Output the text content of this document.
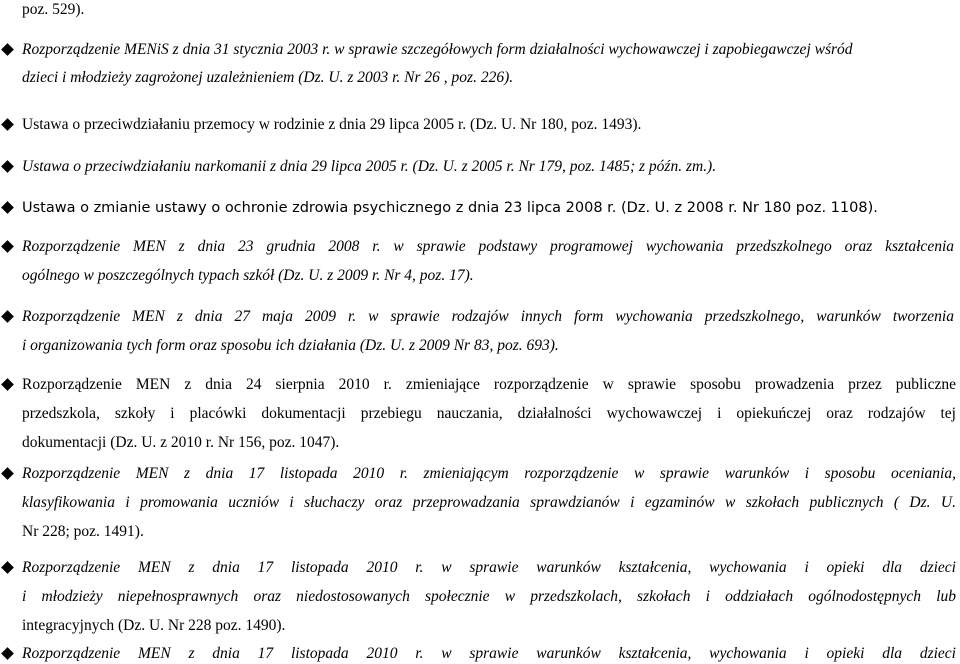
poz. 529).
Rozporządzenie MENiS z dnia 31 stycznia 2003 r. w sprawie szczegółowych form działalności wychowawczej i zapobiegawczej wśród
dzieci i młodzieży zagrożonej uzależnieniem (Dz. U. z 2003 r. Nr 26 , poz. 226).
Ustawa o przeciwdziałaniu przemocy w rodzinie z dnia 29 lipca 2005 r. (Dz. U. Nr 180, poz. 1493).
Ustawa o przeciwdziałaniu narkomanii z dnia 29 lipca 2005 r. (Dz. U. z 2005 r. Nr 179, poz. 1485; z późn. zm.).
Ustawa o zmianie ustawy o ochronie zdrowia psychicznego z dnia 23 lipca 2008 r. (Dz. U. z 2008 r. Nr 180 poz. 1108).
Rozporządzenie MEN z dnia 23 grudnia 2008 r. w sprawie podstawy programowej wychowania przedszkolnego oraz kształcenia
ogólnego w poszczególnych typach szkół (Dz. U. z 2009 r. Nr 4, poz. 17).
Rozporządzenie MEN z dnia 27 maja 2009 r. w sprawie rodzajów innych form wychowania przedszkolnego, warunków tworzenia
i organizowania tych form oraz sposobu ich działania (Dz. U. z 2009 Nr 83, poz. 693).
Rozporządzenie MEN z dnia 24 sierpnia 2010 r. zmieniające rozporządzenie w sprawie sposobu prowadzenia przez publiczne
przedszkola, szkoły i placówki dokumentacji przebiegu nauczania, działalności wychowawczej i opiekuńczej oraz rodzajów tej
dokumentacji (Dz. U. z 2010 r. Nr 156, poz. 1047).
Rozporządzenie MEN z dnia 17 listopada 2010 r. zmieniającym rozporządzenie w sprawie warunków i sposobu oceniania,
klasyfikowania i promowania uczniów i słuchaczy oraz przeprowadzania sprawdzianów i egzaminów w szkołach publicznych ( Dz. U.
Nr 228; poz. 1491).
Rozporządzenie MEN z dnia 17 listopada 2010 r. w sprawie warunków kształcenia, wychowania i opieki dla dzieci
i młodzieży niepełnosprawnych oraz niedostosowanych społecznie w przedszkolach, szkołach i oddziałach ogólnodostępnych lub
integracyjnych (Dz. U. Nr 228 poz. 1490).
Rozporządzenie MEN z dnia 17 listopada 2010 r. w sprawie warunków kształcenia, wychowania i opieki dla dzieci
